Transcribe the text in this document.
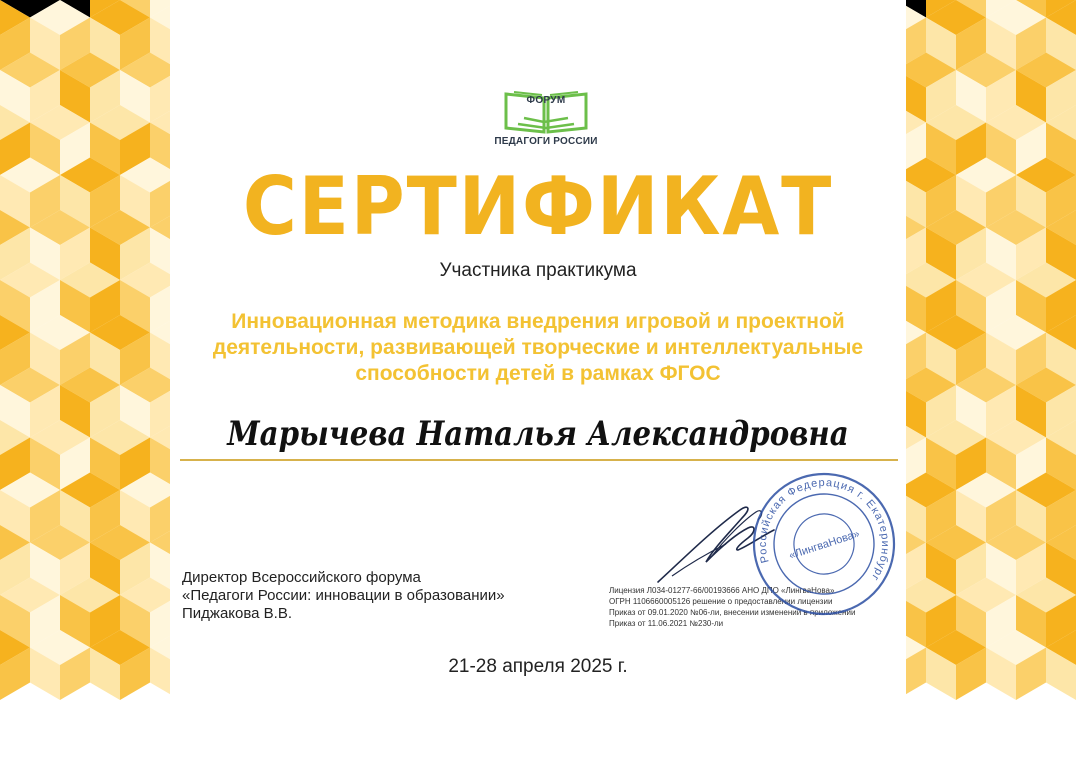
ФОРУМ
ПЕДАГОГИ РОССИИ
СЕРТИФИКАТ
Участника практикума
Инновационная методика внедрения игровой и проектной
деятельности, развивающей творческие и интеллектуальные
способности детей в рамках ФГОС
Марычева Наталья Александровна
Директор Всероссийского форума
«Педагоги России: инновации в образовании»
Пиджакова В.В.
Лицензия Л034-01277-66/00193666 АНО ДПО «ЛингваНова»
ОГРН 1106660005126 решение о предоставлении лицензии
Приказ от 09.01.2020 №06-ли, внесении изменений в приложении
Приказ от 11.06.2021 №230-ли
Российская Федерация г. Екатеринбург
«ЛингваНова»
21-28 апреля 2025 г.
